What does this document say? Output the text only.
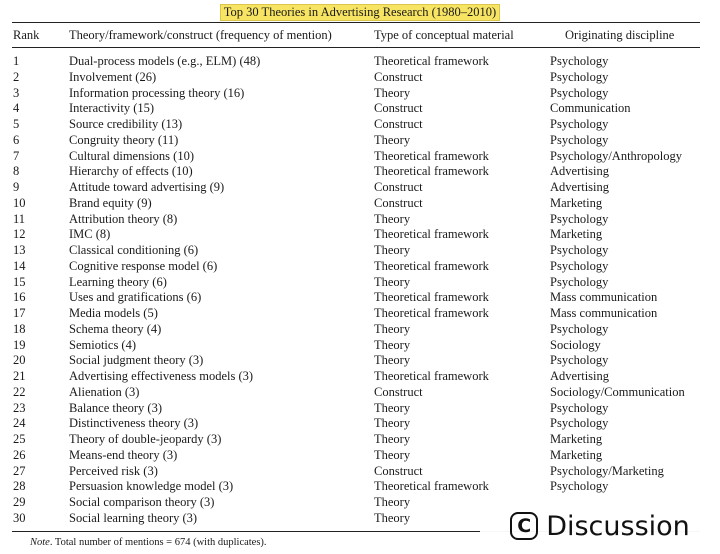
Top 30 Theories in Advertising Research (1980–2010)
Rank Theory/framework/construct (frequency of mention)	Type of conceptual material	Originating discipline
1	Dual-process models (e.g., ELM) (48)	Theoretical framework	Psychology
2	Involvement (26)	Construct	Psychology
3	Information processing theory (16)	Theory	Psychology
4	Interactivity (15)	Construct	Communication
5	Source credibility (13)	Construct	Psychology
6	Congruity theory (11)	Theory	Psychology
7	Cultural dimensions (10)	Theoretical framework	Psychology/Anthropology
8	Hierarchy of effects (10)	Theoretical framework	Advertising
9	Attitude toward advertising (9)	Construct	Advertising
10	Brand equity (9)	Construct	Marketing
11	Attribution theory (8)	Theory	Psychology
12	IMC (8)	Theoretical framework	Marketing
13	Classical conditioning (6)	Theory	Psychology
14	Cognitive response model (6)	Theoretical framework	Psychology
15	Learning theory (6)	Theory	Psychology
16	Uses and gratifications (6)	Theoretical framework	Mass communication
17	Media models (5)	Theoretical framework	Mass communication
18	Schema theory (4)	Theory	Psychology
19	Semiotics (4)	Theory	Sociology
20	Social judgment theory (3)	Theory	Psychology
21	Advertising effectiveness models (3)	Theoretical framework	Advertising
22	Alienation (3)	Construct	Sociology/Communication
23	Balance theory (3)	Theory	Psychology
24	Distinctiveness theory (3)	Theory	Psychology
25	Theory of double-jeopardy (3)	Theory	Marketing
26	Means-end theory (3)	Theory	Marketing
27	Perceived risk (3)	Construct	Psychology/Marketing
28	Persuasion knowledge model (3)	Theoretical framework	Psychology
29	Social comparison theory (3)	Theory
30	Social learning theory (3)	Theory
Note. Total number of mentions = 674 (with duplicates).
C Discussion
